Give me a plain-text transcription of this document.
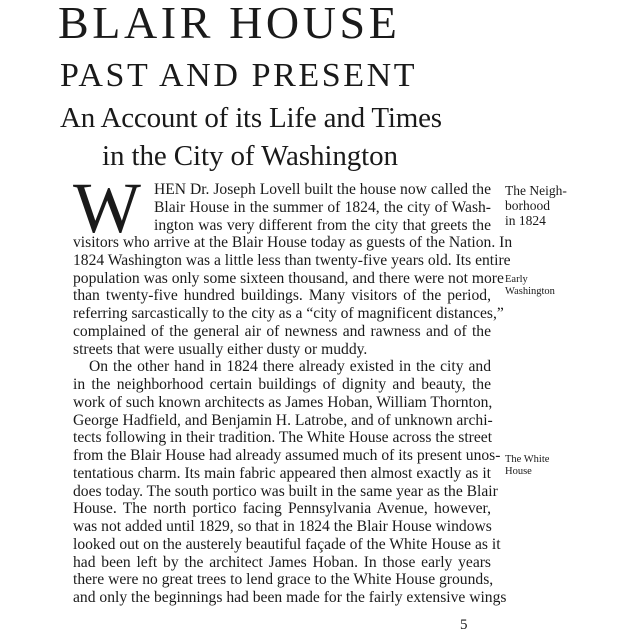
BLAIR HOUSE
PAST AND PRESENT
An Account of its Life and Times
in the City of Washington
W HEN Dr. Joseph Lovell built the house now called the
Blair House in the summer of 1824, the city of Wash-
ington was very different from the city that greets the
visitors who arrive at the Blair House today as guests of the Nation. In
1824 Washington was a little less than twenty-five years old. Its entire
population was only some sixteen thousand, and there were not more
than twenty-five hundred buildings. Many visitors of the period,
referring sarcastically to the city as a “city of magnificent distances,”
complained of the general air of newness and rawness and of the
streets that were usually either dusty or muddy.
On the other hand in 1824 there already existed in the city and
in the neighborhood certain buildings of dignity and beauty, the
work of such known architects as James Hoban, William Thornton,
George Hadfield, and Benjamin H. Latrobe, and of unknown archi-
tects following in their tradition. The White House across the street
from the Blair House had already assumed much of its present unos-
tentatious charm. Its main fabric appeared then almost exactly as it
does today. The south portico was built in the same year as the Blair
House. The north portico facing Pennsylvania Avenue, however,
was not added until 1829, so that in 1824 the Blair House windows
looked out on the austerely beautiful façade of the White House as it
had been left by the architect James Hoban. In those early years
there were no great trees to lend grace to the White House grounds,
and only the beginnings had been made for the fairly extensive wings
The Neigh-
borhood
in 1824
Early
Washington
The White
House
5
